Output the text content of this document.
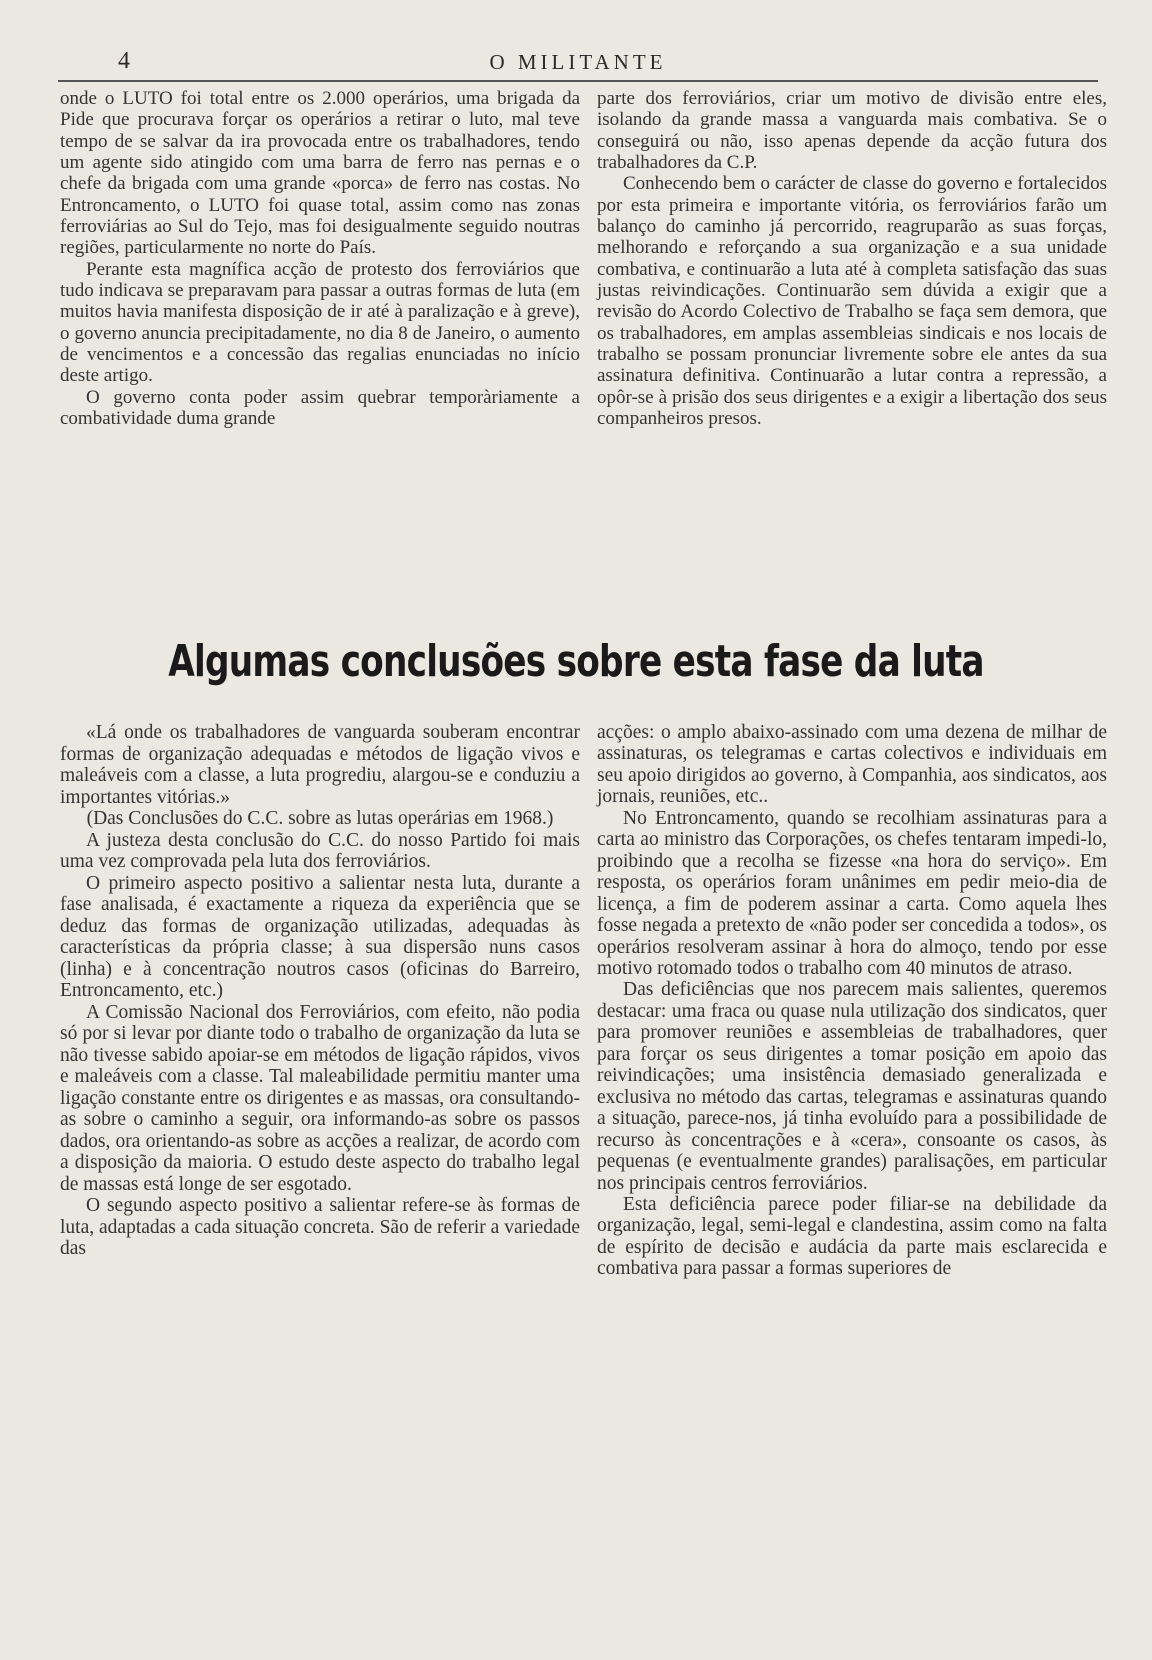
4	O MILITANTE

onde o LUTO foi total entre os 2.000 operários, uma brigada da Pide que procurava forçar os operários a retirar o luto, mal teve tempo de se salvar da ira provocada entre os trabalhadores, tendo um agente sido atingido com uma barra de ferro nas pernas e o chefe da brigada com uma grande «porca» de ferro nas costas. No Entroncamento, o LUTO foi quase total, assim como nas zonas ferroviárias ao Sul do Tejo, mas foi desigualmente seguido noutras regiões, particularmente no norte do País.

Perante esta magnífica acção de protesto dos ferroviários que tudo indicava se preparavam para passar a outras formas de luta (em muitos havia manifesta disposição de ir até à paralização e à greve), o governo anuncia precipitadamente, no dia 8 de Janeiro, o aumento de vencimentos e a concessão das regalias enunciadas no início deste artigo.

O governo conta poder assim quebrar temporàriamente a combatividade duma grande

parte dos ferroviários, criar um motivo de divisão entre eles, isolando da grande massa a vanguarda mais combativa. Se o conseguirá ou não, isso apenas depende da acção futura dos trabalhadores da C.P.

Conhecendo bem o carácter de classe do governo e fortalecidos por esta primeira e importante vitória, os ferroviários farão um balanço do caminho já percorrido, reagruparão as suas forças, melhorando e reforçando a sua organização e a sua unidade combativa, e continuarão a luta até à completa satisfação das suas justas reivindicações. Continuarão sem dúvida a exigir que a revisão do Acordo Colectivo de Trabalho se faça sem demora, que os trabalhadores, em amplas assembleias sindicais e nos locais de trabalho se possam pronunciar livremente sobre ele antes da sua assinatura definitiva. Continuarão a lutar contra a repressão, a opôr-se à prisão dos seus dirigentes e a exigir a libertação dos seus companheiros presos.

Algumas conclusões sobre esta fase da luta

«Lá onde os trabalhadores de vanguarda souberam encontrar formas de organização adequadas e métodos de ligação vivos e maleáveis com a classe, a luta progrediu, alargou-se e conduziu a importantes vitórias.»

(Das Conclusões do C.C. sobre as lutas operárias em 1968.)

A justeza desta conclusão do C.C. do nosso Partido foi mais uma vez comprovada pela luta dos ferroviários.

O primeiro aspecto positivo a salientar nesta luta, durante a fase analisada, é exactamente a riqueza da experiência que se deduz das formas de organização utilizadas, adequadas às características da própria classe; à sua dispersão nuns casos (linha) e à concentração noutros casos (oficinas do Barreiro, Entroncamento, etc.)

A Comissão Nacional dos Ferroviários, com efeito, não podia só por si levar por diante todo o trabalho de organização da luta se não tivesse sabido apoiar-se em métodos de ligação rápidos, vivos e maleáveis com a classe. Tal maleabilidade permitiu manter uma ligação constante entre os dirigentes e as massas, ora consultando-as sobre o caminho a seguir, ora informando-as sobre os passos dados, ora orientando-as sobre as acções a realizar, de acordo com a disposição da maioria. O estudo deste aspecto do trabalho legal de massas está longe de ser esgotado.

O segundo aspecto positivo a salientar refere-se às formas de luta, adaptadas a cada situação concreta. São de referir a variedade das

acções: o amplo abaixo-assinado com uma dezena de milhar de assinaturas, os telegramas e cartas colectivos e individuais em seu apoio dirigidos ao governo, à Companhia, aos sindicatos, aos jornais, reuniões, etc..

No Entroncamento, quando se recolhiam assinaturas para a carta ao ministro das Corporações, os chefes tentaram impedi-lo, proibindo que a recolha se fizesse «na hora do serviço». Em resposta, os operários foram unânimes em pedir meio-dia de licença, a fim de poderem assinar a carta. Como aquela lhes fosse negada a pretexto de «não poder ser concedida a todos», os operários resolveram assinar à hora do almoço, tendo por esse motivo rotomado todos o trabalho com 40 minutos de atraso.

Das deficiências que nos parecem mais salientes, queremos destacar: uma fraca ou quase nula utilização dos sindicatos, quer para promover reuniões e assembleias de trabalhadores, quer para forçar os seus dirigentes a tomar posição em apoio das reivindicações; uma insistência demasiado generalizada e exclusiva no método das cartas, telegramas e assinaturas quando a situação, parece-nos, já tinha evoluído para a possibilidade de recurso às concentrações e à «cera», consoante os casos, às pequenas (e eventualmente grandes) paralisações, em particular nos principais centros ferroviários.

Esta deficiência parece poder filiar-se na debilidade da organização, legal, semi-legal e clandestina, assim como na falta de espírito de decisão e audácia da parte mais esclarecida e combativa para passar a formas superiores de
